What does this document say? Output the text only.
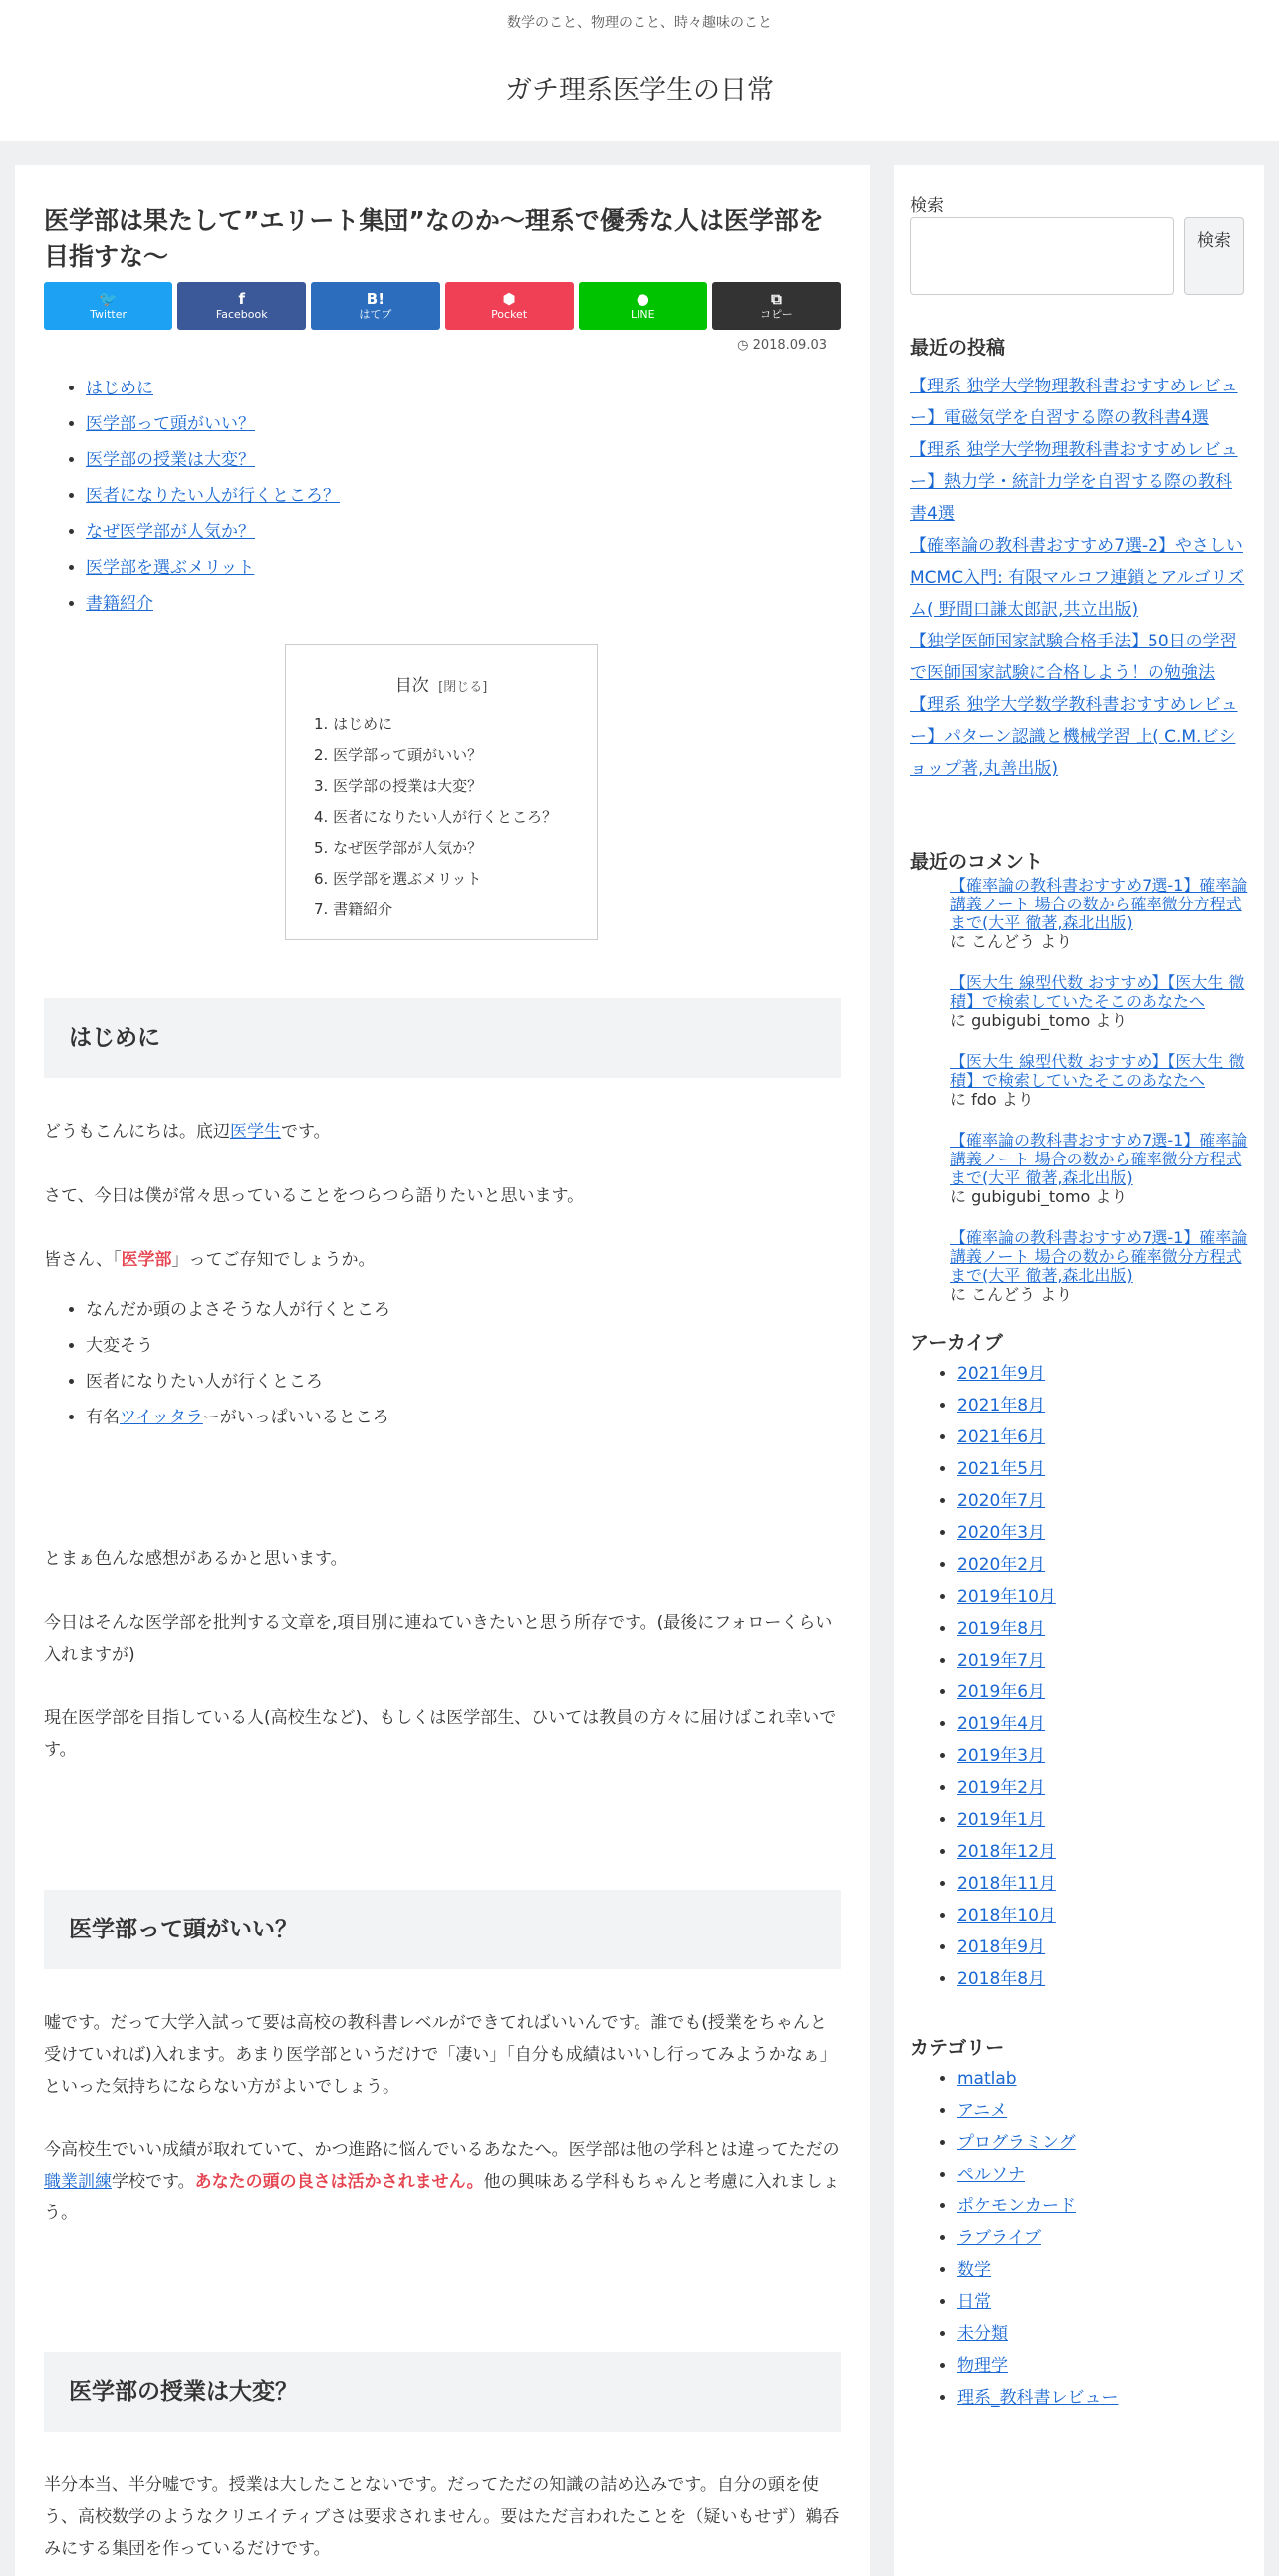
数学のこと、物理のこと、時々趣味のこと
ガチ理系医学生の日常
医学部は果たして”エリート集団”なのか～理系で優秀な人は医学部を目指すな～
🐦
Twitter
f
Facebook
B!
はてブ
⬢
Pocket
●
LINE
⧉
コピー
◷ 2018.09.03
• はじめに
• 医学部って頭がいい？
• 医学部の授業は大変？
• 医者になりたい人が行くところ？
• なぜ医学部が人気か？
• 医学部を選ぶメリット
• 書籍紹介
目次 [閉じる]
1. はじめに
2. 医学部って頭がいい？
3. 医学部の授業は大変？
4. 医者になりたい人が行くところ？
5. なぜ医学部が人気か？
6. 医学部を選ぶメリット
7. 書籍紹介
はじめに

どうもこんにちは。底辺医学生です。

さて、今日は僕が常々思っていることをつらつら語りたいと思います。

皆さん、「医学部」ってご存知でしょうか。

• なんだか頭のよさそうな人が行くところ
• 大変そう
• 医者になりたい人が行くところ
• 有名ツイッタラーがいっぱいいるところ

とまぁ色んな感想があるかと思います。

今日はそんな医学部を批判する文章を,項目別に連ねていきたいと思う所存です。(最後にフォローくらい入れますが)

現在医学部を目指している人(高校生など)、もしくは医学部生、ひいては教員の方々に届けばこれ幸いです。

医学部って頭がいい？

嘘です。だって大学入試って要は高校の教科書レベルができてればいいんです。誰でも(授業をちゃんと受けていれば)入れます。あまり医学部というだけで「凄い」「自分も成績はいいし行ってみようかなぁ」といった気持ちにならない方がよいでしょう。

今高校生でいい成績が取れていて、かつ進路に悩んでいるあなたへ。医学部は他の学科とは違ってただの職業訓練学校です。あなたの頭の良さは活かされません。他の興味ある学科もちゃんと考慮に入れましょう。

医学部の授業は大変？

半分本当、半分嘘です。授業は大したことないです。だってただの知識の詰め込みです。自分の頭を使う、高校数学のようなクリエイティブさは要求されません。要はただ言われたことを（疑いもせず）鵜呑みにする集団を作っているだけです。

検索
検索
最近の投稿
【理系 独学大学物理教科書おすすめレビュー】電磁気学を自習する際の教科書4選
【理系 独学大学物理教科書おすすめレビュー】熱力学・統計力学を自習する際の教科書4選
【確率論の教科書おすすめ7選-2】やさしいMCMC入門: 有限マルコフ連鎖とアルゴリズム( 野間口謙太郎訳,共立出版)
【独学医師国家試験合格手法】50日の学習で医師国家試験に合格しよう！の勉強法
【理系 独学大学数学教科書おすすめレビュー】パターン認識と機械学習 上( C.M.ビショップ著,丸善出版)
最近のコメント
【確率論の教科書おすすめ7選-1】確率論 講義ノート 場合の数から確率微分方程式まで(大平 徹著,森北出版)
に こんどう より
【医大生 線型代数 おすすめ】【医大生 微積】で検索していたそこのあなたへ
に gubigubi_tomo より
【医大生 線型代数 おすすめ】【医大生 微積】で検索していたそこのあなたへ
に fdo より
【確率論の教科書おすすめ7選-1】確率論 講義ノート 場合の数から確率微分方程式まで(大平 徹著,森北出版)
に gubigubi_tomo より
【確率論の教科書おすすめ7選-1】確率論 講義ノート 場合の数から確率微分方程式まで(大平 徹著,森北出版)
に こんどう より
アーカイブ
• 2021年9月
• 2021年8月
• 2021年6月
• 2021年5月
• 2020年7月
• 2020年3月
• 2020年2月
• 2019年10月
• 2019年8月
• 2019年7月
• 2019年6月
• 2019年4月
• 2019年3月
• 2019年2月
• 2019年1月
• 2018年12月
• 2018年11月
• 2018年10月
• 2018年9月
• 2018年8月
カテゴリー
• matlab
• アニメ
• プログラミング
• ペルソナ
• ポケモンカード
• ラブライブ
• 数学
• 日常
• 未分類
• 物理学
• 理系_教科書レビュー
